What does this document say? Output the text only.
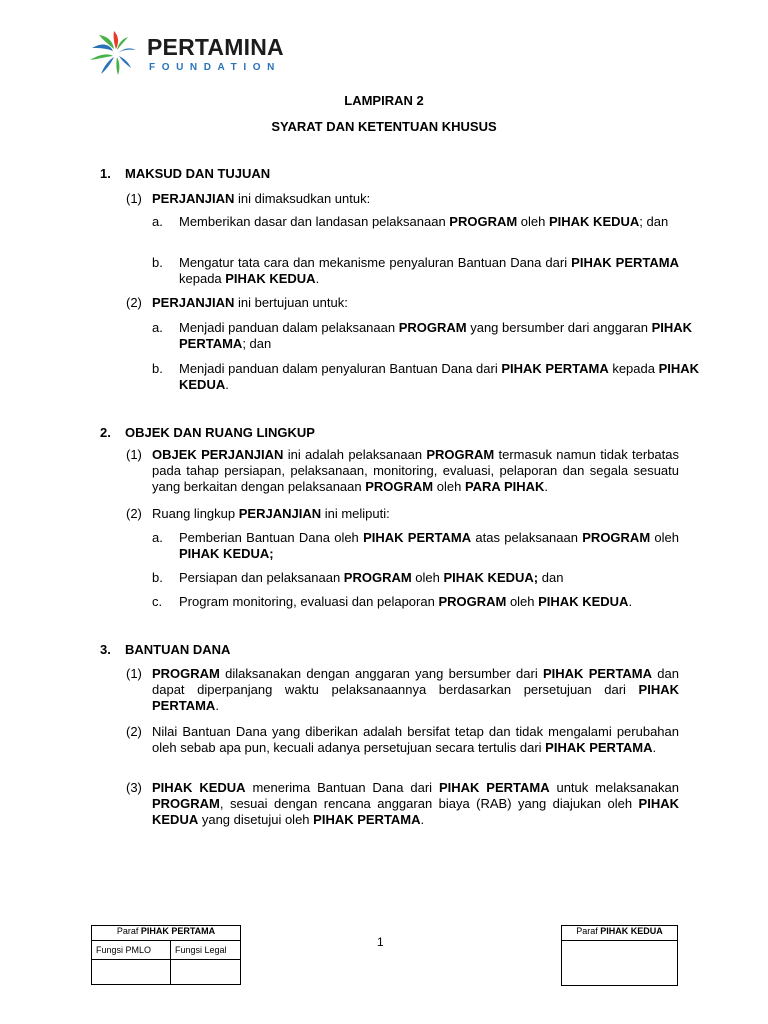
PERTAMINA
FOUNDATION
LAMPIRAN 2
SYARAT DAN KETENTUAN KHUSUS
1. MAKSUD DAN TUJUAN
(1) PERJANJIAN ini dimaksudkan untuk:
a. Memberikan dasar dan landasan pelaksanaan PROGRAM oleh PIHAK KEDUA; dan
b. Mengatur tata cara dan mekanisme penyaluran Bantuan Dana dari PIHAK PERTAMA kepada PIHAK KEDUA.
(2) PERJANJIAN ini bertujuan untuk:
a. Menjadi panduan dalam pelaksanaan PROGRAM yang bersumber dari anggaran PIHAK PERTAMA; dan
b. Menjadi panduan dalam penyaluran Bantuan Dana dari PIHAK PERTAMA kepada PIHAK KEDUA.
2. OBJEK DAN RUANG LINGKUP
(1) OBJEK PERJANJIAN ini adalah pelaksanaan PROGRAM termasuk namun tidak terbatas pada tahap persiapan, pelaksanaan, monitoring, evaluasi, pelaporan dan segala sesuatu yang berkaitan dengan pelaksanaan PROGRAM oleh PARA PIHAK.
(2) Ruang lingkup PERJANJIAN ini meliputi:
a. Pemberian Bantuan Dana oleh PIHAK PERTAMA atas pelaksanaan PROGRAM oleh PIHAK KEDUA;
b. Persiapan dan pelaksanaan PROGRAM oleh PIHAK KEDUA; dan
c. Program monitoring, evaluasi dan pelaporan PROGRAM oleh PIHAK KEDUA.
3. BANTUAN DANA
(1) PROGRAM dilaksanakan dengan anggaran yang bersumber dari PIHAK PERTAMA dan dapat diperpanjang waktu pelaksanaannya berdasarkan persetujuan dari PIHAK PERTAMA.
(2) Nilai Bantuan Dana yang diberikan adalah bersifat tetap dan tidak mengalami perubahan oleh sebab apa pun, kecuali adanya persetujuan secara tertulis dari PIHAK PERTAMA.
(3) PIHAK KEDUA menerima Bantuan Dana dari PIHAK PERTAMA untuk melaksanakan PROGRAM, sesuai dengan rencana anggaran biaya (RAB) yang diajukan oleh PIHAK KEDUA yang disetujui oleh PIHAK PERTAMA.
Paraf PIHAK PERTAMA	
Fungsi PMLO	Fungsi Legal

1
Paraf PIHAK KEDUA
